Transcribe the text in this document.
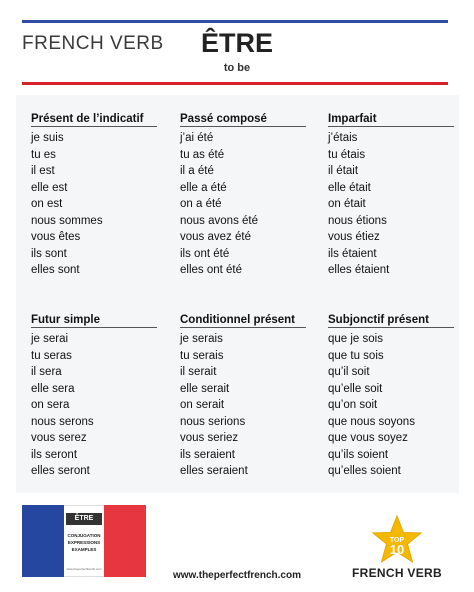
FRENCH VERB	ÊTRE
to be
Présent de l’indicatif
je suis
tu es
il est
elle est
on est
nous sommes
vous êtes
ils sont
elles sont
Passé composé
j’ai été
tu as été
il a été
elle a été
on a été
nous avons été
vous avez été
ils ont été
elles ont été
Imparfait
j’étais
tu étais
il était
elle était
on était
nous étions
vous étiez
ils étaient
elles étaient
Futur simple
je serai
tu seras
il sera
elle sera
on sera
nous serons
vous serez
ils seront
elles seront
Conditionnel présent
je serais
tu serais
il serait
elle serait
on serait
nous serions
vous seriez
ils seraient
elles seraient
Subjonctif présent
que je sois
que tu sois
qu’il soit
qu’elle soit
qu’on soit
que nous soyons
que vous soyez
qu’ils soient
qu’elles soient
ÊTRE
CONJUGATION
EXPRESSIONS
EXAMPLES
www.theperfectfrench.com
www.theperfectfrench.com
TOP
10
FRENCH VERB
